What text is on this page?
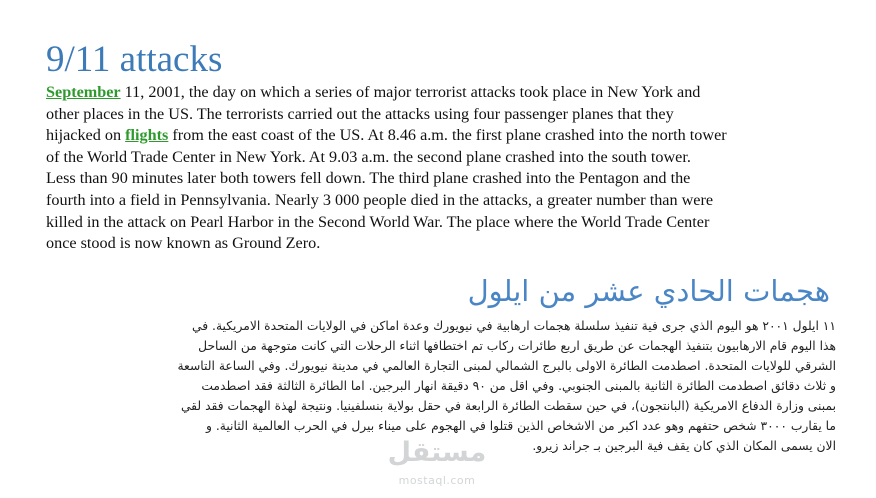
9/11 attacks
September 11, 2001, the day on which a series of major terrorist attacks took place in New York and
other places in the US. The terrorists carried out the attacks using four passenger planes that they
hijacked on flights from the east coast of the US. At 8.46 a.m. the first plane crashed into the north tower
of the World Trade Center in New York. At 9.03 a.m. the second plane crashed into the south tower.
Less than 90 minutes later both towers fell down. The third plane crashed into the Pentagon and the
fourth into a field in Pennsylvania. Nearly 3 000 people died in the attacks, a greater number than were
killed in the attack on Pearl Harbor in the Second World War. The place where the World Trade Center
once stood is now known as Ground Zero.
هجمات الحادي عشر من ايلول
١١ ايلول ٢٠٠١ هو اليوم الذي جرى فية تنفيذ سلسلة هجمات ارهابية في نيويورك وعدة اماكن في الولايات المتحدة الامريكية. في
هذا اليوم قام الارهابيون بتنفيذ الهجمات عن طريق اربع طائرات ركاب تم اختطافها اثناء الرحلات التي كانت متوجهة من الساحل
الشرقي للولايات المتحدة. اصطدمت الطائرة الاولى بالبرج الشمالي لمبنى التجارة العالمي في مدينة نيويورك. وفي الساعة التاسعة
و ثلاث دقائق اصطدمت الطائرة الثانية بالمبنى الجنوبي. وفي اقل من ٩٠ دقيقة انهار البرجين. اما الطائرة الثالثة فقد اصطدمت
بمبنى وزارة الدفاع الامريكية (البانتجون)، في حين سقطت الطائرة الرابعة في حقل بولاية بنسلفينيا. ونتيجة لهذة الهجمات فقد لقي
ما يقارب ٣٠٠٠ شخص حتفهم وهو عدد اكبر من الاشخاص الذين قتلوا في الهجوم على ميناء بيرل في الحرب العالمية الثانية. و
الان يسمى المكان الذي كان يقف فية البرجين بـ جراند زيرو.
مستقل
mostaql.com
